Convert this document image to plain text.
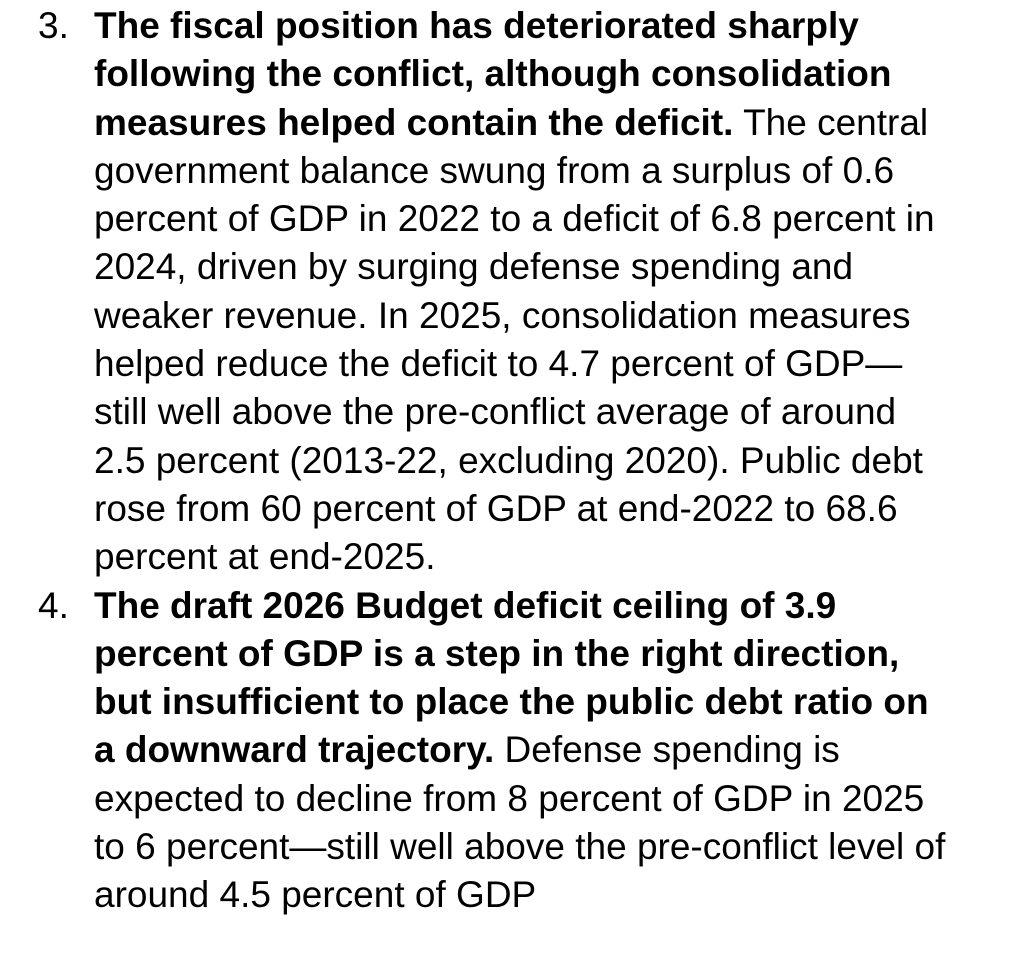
3. The fiscal position has deteriorated sharply following the conflict, although consolidation measures helped contain the deficit. The central government balance swung from a surplus of 0.6 percent of GDP in 2022 to a deficit of 6.8 percent in 2024, driven by surging defense spending and weaker revenue. In 2025, consolidation measures helped reduce the deficit to 4.7 percent of GDP—still well above the pre-conflict average of around 2.5 percent (2013-22, excluding 2020). Public debt rose from 60 percent of GDP at end-2022 to 68.6 percent at end-2025.
4. The draft 2026 Budget deficit ceiling of 3.9 percent of GDP is a step in the right direction, but insufficient to place the public debt ratio on a downward trajectory. Defense spending is expected to decline from 8 percent of GDP in 2025 to 6 percent—still well above the pre-conflict level of around 4.5 percent of GDP
